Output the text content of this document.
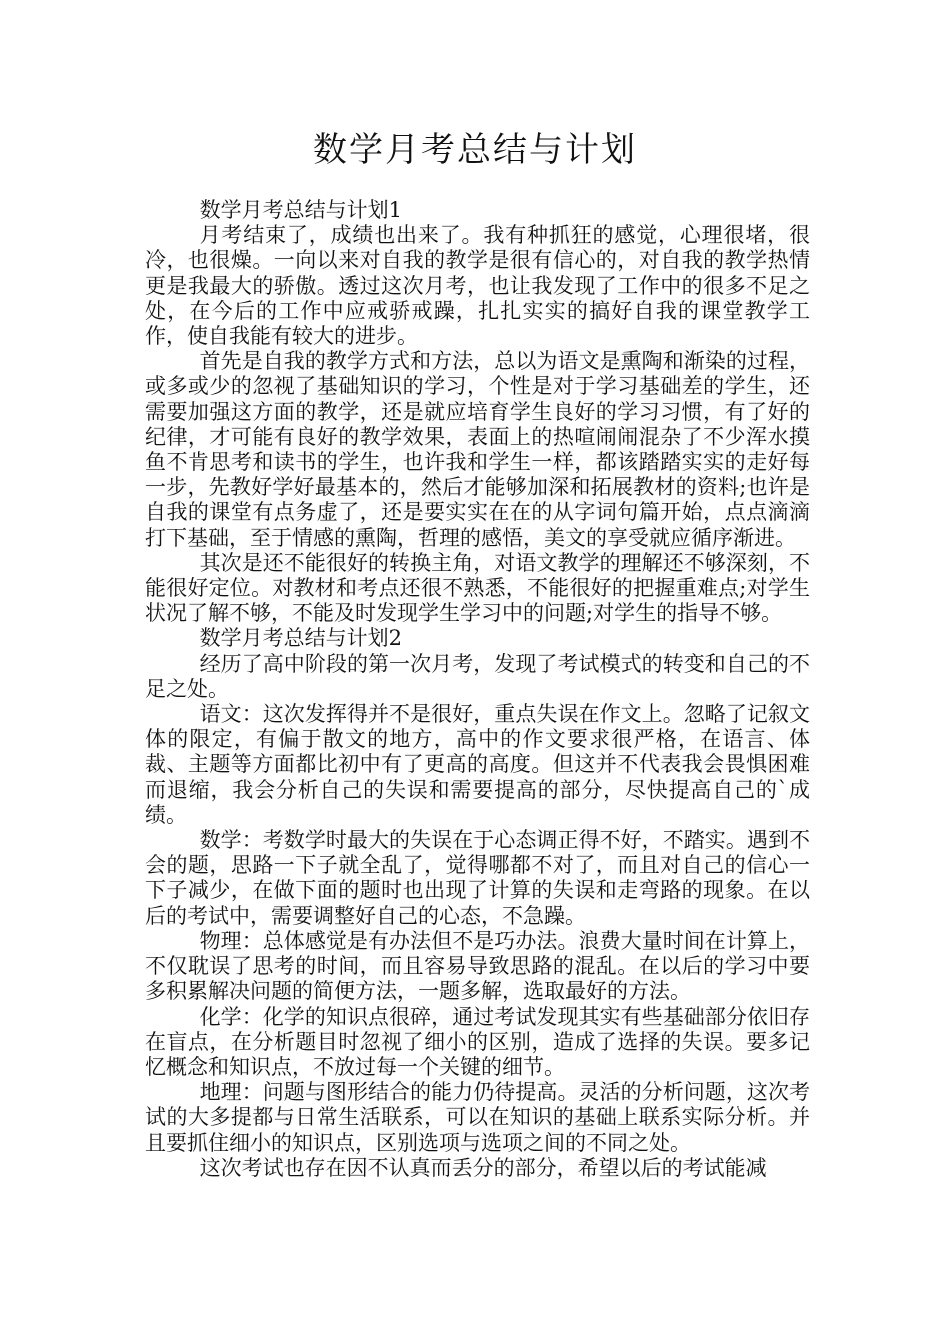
数学月考总结与计划

数学月考总结与计划1

月考结束了，成绩也出来了。我有种抓狂的感觉，心理很堵，很冷，也很燥。一向以来对自我的教学是很有信心的，对自我的教学热情更是我最大的骄傲。透过这次月考，也让我发现了工作中的很多不足之处，在今后的工作中应戒骄戒躁，扎扎实实的搞好自我的课堂教学工作，使自我能有较大的进步。

首先是自我的教学方式和方法，总以为语文是熏陶和渐染的过程，或多或少的忽视了基础知识的学习，个性是对于学习基础差的学生，还需要加强这方面的教学，还是就应培育学生良好的学习习惯，有了好的纪律，才可能有良好的教学效果，表面上的热喧闹闹混杂了不少浑水摸鱼不肯思考和读书的学生，也许我和学生一样，都该踏踏实实的走好每一步，先教好学好最基本的，然后才能够加深和拓展教材的资料;也许是自我的课堂有点务虚了，还是要实实在在的从字词句篇开始，点点滴滴打下基础，至于情感的熏陶，哲理的感悟，美文的享受就应循序渐进。

其次是还不能很好的转换主角，对语文教学的理解还不够深刻，不能很好定位。对教材和考点还很不熟悉，不能很好的把握重难点;对学生状况了解不够，不能及时发现学生学习中的问题;对学生的指导不够。

数学月考总结与计划2

经历了高中阶段的第一次月考，发现了考试模式的转变和自己的不足之处。

语文：这次发挥得并不是很好，重点失误在作文上。忽略了记叙文体的限定，有偏于散文的地方，高中的作文要求很严格，在语言、体裁、主题等方面都比初中有了更高的高度。但这并不代表我会畏惧困难而退缩，我会分析自己的失误和需要提高的部分，尽快提高自己的`成绩。

数学：考数学时最大的失误在于心态调正得不好，不踏实。遇到不会的题，思路一下子就全乱了，觉得哪都不对了，而且对自己的信心一下子减少，在做下面的题时也出现了计算的失误和走弯路的现象。在以后的考试中，需要调整好自己的心态，不急躁。

物理：总体感觉是有办法但不是巧办法。浪费大量时间在计算上，不仅耽误了思考的时间，而且容易导致思路的混乱。在以后的学习中要多积累解决问题的简便方法，一题多解，选取最好的方法。

化学：化学的知识点很碎，通过考试发现其实有些基础部分依旧存在盲点，在分析题目时忽视了细小的区别，造成了选择的失误。要多记忆概念和知识点，不放过每一个关键的细节。

地理：问题与图形结合的能力仍待提高。灵活的分析问题，这次考试的大多提都与日常生活联系，可以在知识的基础上联系实际分析。并且要抓住细小的知识点，区别选项与选项之间的不同之处。

这次考试也存在因不认真而丢分的部分，希望以后的考试能减
